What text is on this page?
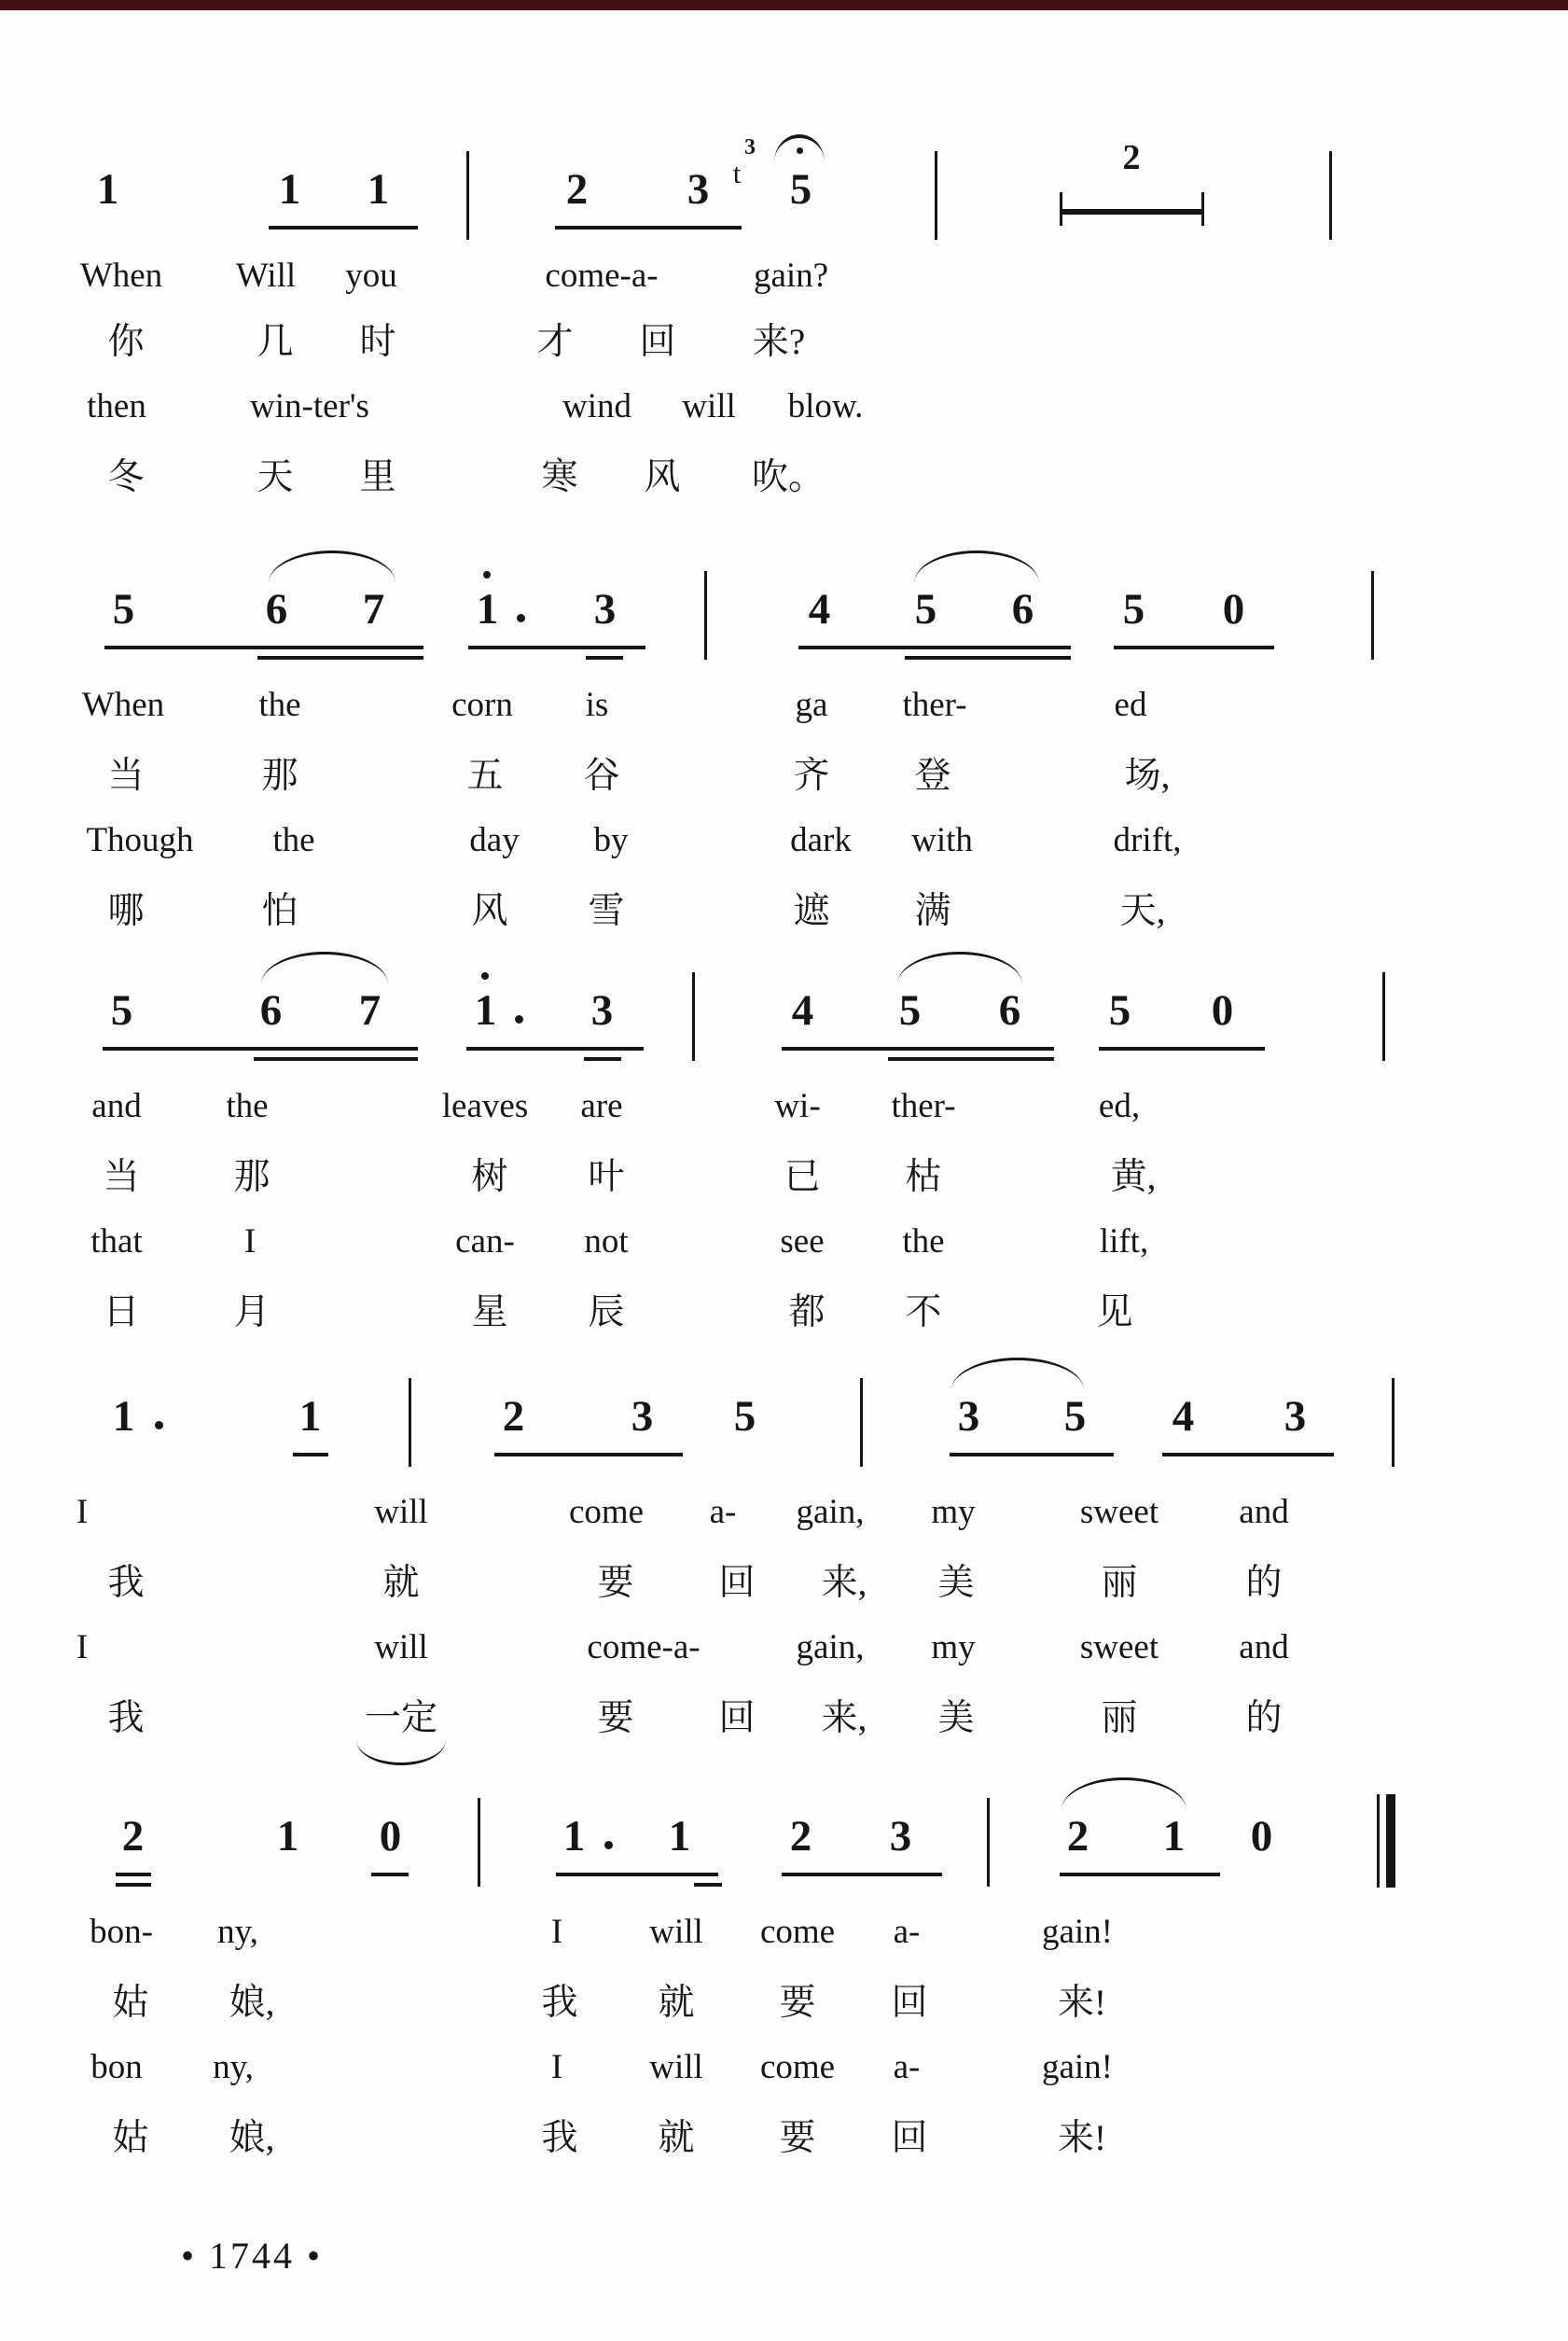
1	1 1	2 3
3
t 5
2
When Will you	come-a-	gain?
你	几 时	才 回 来?
then	win-ter's	wind will blow.
冬	天 里	寒 风 吹。
5	6 7 1 3	4 5 6 5 0
When	the	corn is	ga ther-	ed
当	那	五 谷	齐 登	场,
Though the	day by	dark with	drift,
哪	怕	风 雪	遮 满	天,
5	6 7 1 3	4 5 6 5 0
and the	leaves are	wi- ther-	ed,
当	那	树 叶	已 枯	黄,
that	I	can- not	see the	lift,
日	月	星 辰	都 不	见
1	1	2 3 5	3 5 4 3
I	will	come a- gain, my	sweet and
我	就	要 回 来, 美	丽	的
I	will	come-a-	gain, my	sweet and
我	一定	要 回 来, 美	丽	的
2	1 0	1 1 2 3	2 1 0
bon- ny,	I	will come a-	gain!
姑 娘,	我 就 要 回	来!
bon ny,	I	will come a-	gain!
姑 娘,	我 就 要 回	来!
• 1744 •
